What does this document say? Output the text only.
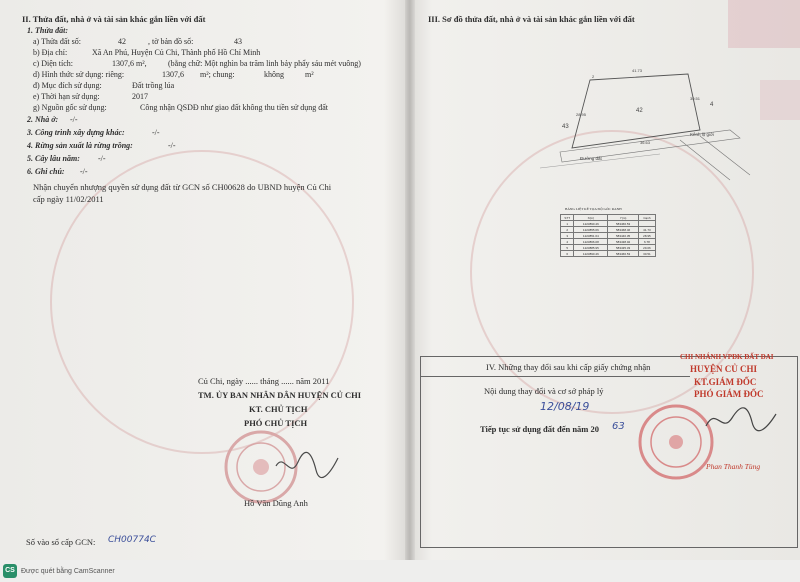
II. Thửa đất, nhà ở và tài sản khác gắn liền với đất
1. Thửa đất:
a) Thửa đất số:	42	, tờ bản đồ số:	43
b) Địa chỉ:	Xã An Phú, Huyện Củ Chi, Thành phố Hồ Chí Minh
c) Diện tích:	1307,6 m²,	(bằng chữ: Một nghìn ba trăm linh bảy phẩy sáu mét vuông)
d) Hình thức sử dụng: riêng:	1307,6 m²; chung:	không	m²
đ) Mục đích sử dụng:	Đất trồng lúa
e) Thời hạn sử dụng:	2017
g) Nguồn gốc sử dụng:	Công nhận QSDĐ như giao đất không thu tiền sử dụng đất
2. Nhà ở: -/-
3. Công trình xây dựng khác:	-/-
4. Rừng sản xuất là rừng trồng:	-/-
5. Cây lâu năm: -/-
6. Ghi chú: -/-
Nhận chuyển nhượng quyền sử dụng đất từ GCN số CH00628 do UBND huyện Củ Chi
cấp ngày 11/02/2011
Củ Chi, ngày ...... tháng ...... năm 2011
TM. ỦY BAN NHÂN DÂN HUYỆN CỦ CHI
KT. CHỦ TỊCH
PHÓ CHỦ TỊCH
Hồ Văn Dũng Anh
Số vào sổ cấp GCN: CH00774C
III. Sơ đồ thửa đất, nhà ở và tài sản khác gắn liền với đất
42
43
4
41.73
28.95
30.51
36.63
Đường đất
Kênh lộ giới
2
BẢNG LIỆT KÊ TỌA ĐỘ GÓC RANH
STT	X(m)	Y(m)	Cạnh
1	1223890.46	583466.53	
2	1223855.66	583468.46	41.73
3	1223851.64	583440.35	28.95
4	1223866.08	583438.02	6.78
5	1223885.95	583435.33	29.06
6	1223890.46	583466.53	30.51
IV. Những thay đổi sau khi cấp giấy chứng nhận
Nội dung thay đổi và cơ sở pháp lý
12/08/19
Tiếp tục sử dụng đất đến năm 20 63
CHI NHÁNH VPĐK ĐẤT ĐAI
HUYỆN CỦ CHI
KT.GIÁM ĐỐC
PHÓ GIÁM ĐỐC
Phan Thanh Tùng
CS Được quét bằng CamScanner
